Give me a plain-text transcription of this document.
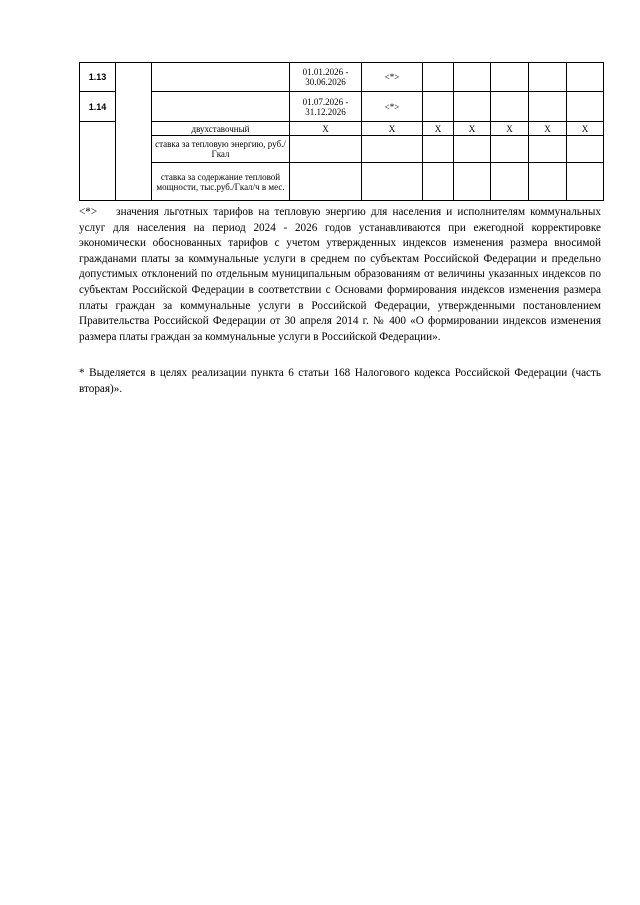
1.13			01.01.2026 - 30.06.2026	<*>					
1.14			01.07.2026 - 31.12.2026	<*>					
		двухставочный	X	X	X	X	X	X	X
		ставка за тепловую энергию, руб./Гкал							
		ставка за содержание тепловой мощности, тыс.руб./Гкал/ч в мес.							
<*> значения льготных тарифов на тепловую энергию для населения и исполнителям коммунальных услуг для населения на период 2024 - 2026 годов устанавливаются при ежегодной корректировке экономически обоснованных тарифов с учетом утвержденных индексов изменения размера вносимой гражданами платы за коммунальные услуги в среднем по субъектам Российской Федерации и предельно допустимых отклонений по отдельным муниципальным образованиям от величины указанных индексов по субъектам Российской Федерации в соответствии с Основами формирования индексов изменения размера платы граждан за коммунальные услуги в Российской Федерации, утвержденными постановлением Правительства Российской Федерации от 30 апреля 2014 г. № 400 «О формировании индексов изменения размера платы граждан за коммунальные услуги в Российской Федерации».
* Выделяется в целях реализации пункта 6 статьи 168 Налогового кодекса Российской Федерации (часть вторая)».
